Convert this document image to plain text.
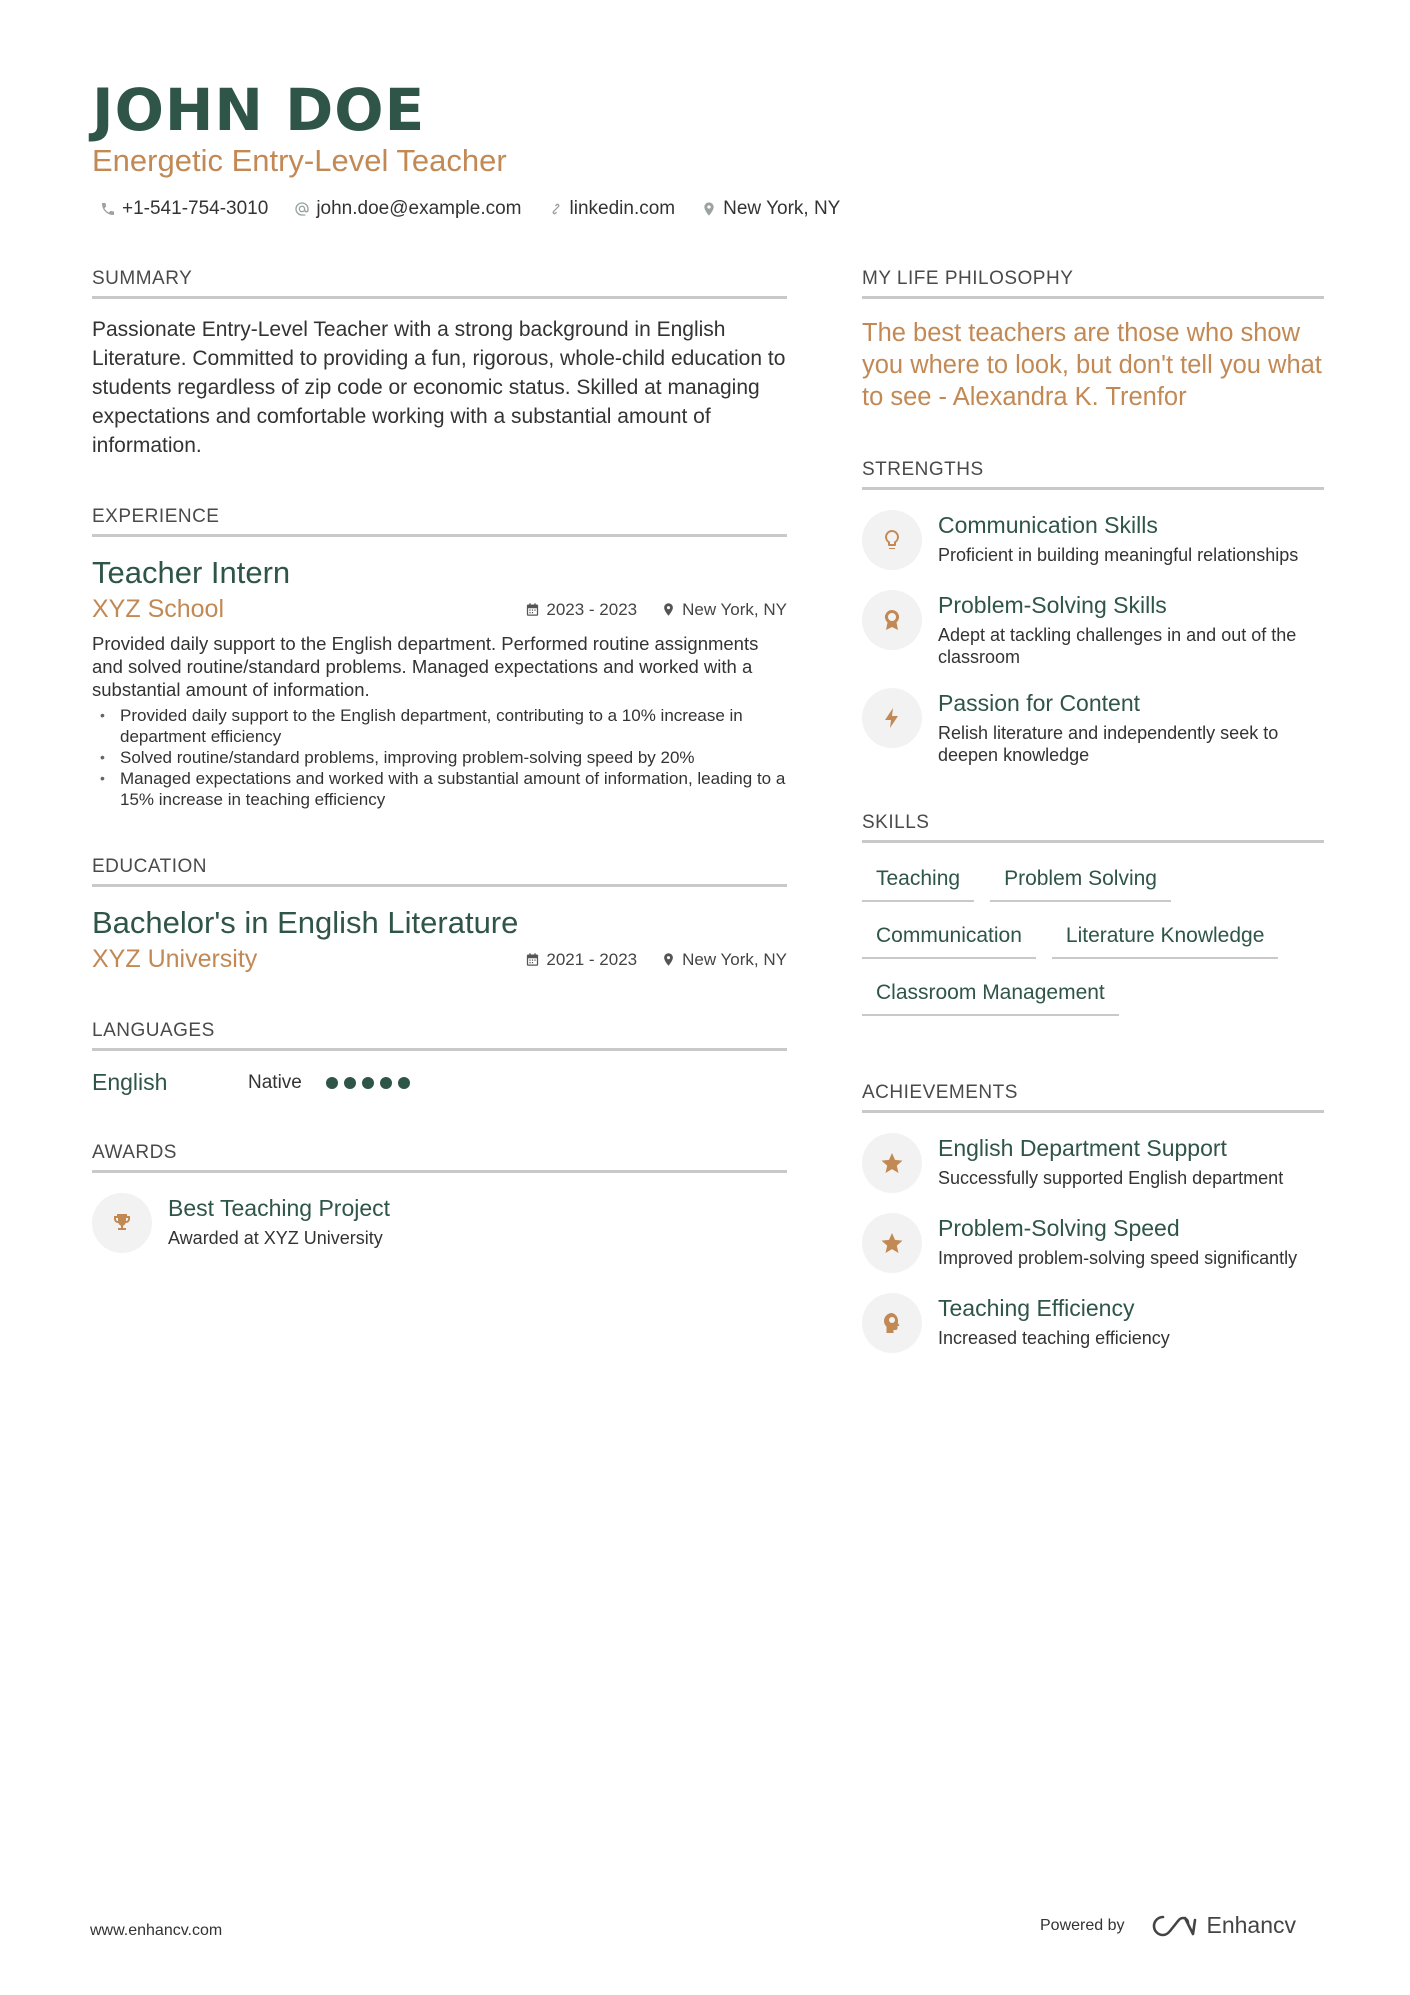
JOHN DOE
Energetic Entry-Level Teacher
+1-541-754-3010	john.doe@example.com	linkedin.com	New York, NY
SUMMARY
Passionate Entry-Level Teacher with a strong background in English Literature. Committed to providing a fun, rigorous, whole-child education to students regardless of zip code or economic status. Skilled at managing expectations and comfortable working with a substantial amount of information.
EXPERIENCE
Teacher Intern
XYZ School	2023 - 2023	New York, NY
Provided daily support to the English department. Performed routine assignments and solved routine/standard problems. Managed expectations and worked with a substantial amount of information.
• Provided daily support to the English department, contributing to a 10% increase in department efficiency
• Solved routine/standard problems, improving problem-solving speed by 20%
• Managed expectations and worked with a substantial amount of information, leading to a 15% increase in teaching efficiency
EDUCATION
Bachelor's in English Literature
XYZ University	2021 - 2023	New York, NY
LANGUAGES
English	Native
AWARDS
Best Teaching Project
Awarded at XYZ University
MY LIFE PHILOSOPHY
The best teachers are those who show you where to look, but don't tell you what to see - Alexandra K. Trenfor
STRENGTHS
Communication Skills
Proficient in building meaningful relationships
Problem-Solving Skills
Adept at tackling challenges in and out of the classroom
Passion for Content
Relish literature and independently seek to deepen knowledge
SKILLS
Teaching	Problem Solving
Communication	Literature Knowledge
Classroom Management
ACHIEVEMENTS
English Department Support
Successfully supported English department
Problem-Solving Speed
Improved problem-solving speed significantly
Teaching Efficiency
Increased teaching efficiency
www.enhancv.com	Powered by	Enhancv
